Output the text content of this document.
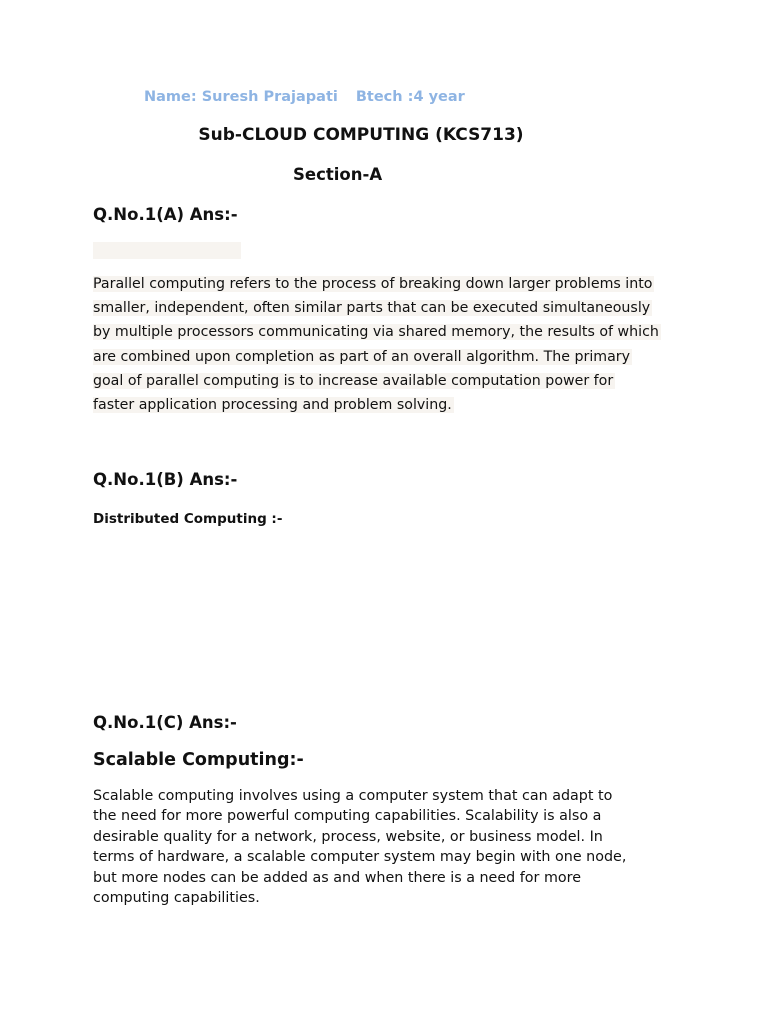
Name: Suresh Prajapati Btech :4 year
Sub-CLOUD COMPUTING (KCS713)
Section-A
Q.No.1(A) Ans:-
Parallel computing refers to the process of breaking down larger problems into
smaller, independent, often similar parts that can be executed simultaneously
by multiple processors communicating via shared memory, the results of which
are combined upon completion as part of an overall algorithm. The primary
goal of parallel computing is to increase available computation power for
faster application processing and problem solving.
Q.No.1(B) Ans:-
Distributed Computing :-
Q.No.1(C) Ans:-
Scalable Computing:-
Scalable computing involves using a computer system that can adapt to
the need for more powerful computing capabilities. Scalability is also a
desirable quality for a network, process, website, or business model. In
terms of hardware, a scalable computer system may begin with one node,
but more nodes can be added as and when there is a need for more
computing capabilities.
